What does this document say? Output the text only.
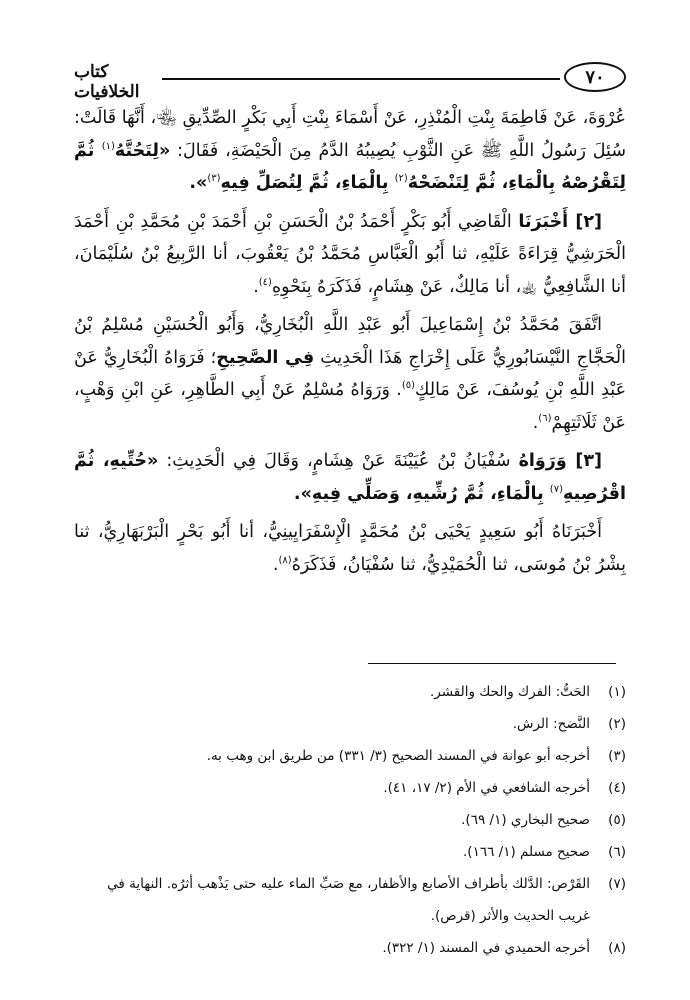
٧٠
كتاب الخلافيات

عُرْوَةَ، عَنْ فَاطِمَةَ بِنْتِ الْمُنْذِرِ، عَنْ أَسْمَاءَ بِنْتِ أَبِي بَكْرٍ الصِّدِّيقِ ﵄، أَنَّهَا قَالَتْ: سُئِلَ رَسُولُ اللَّهِ ﷺ عَنِ الثَّوْبِ يُصِيبُهُ الدَّمُ مِنَ الْحَيْضَةِ، فَقَالَ: «لِتَحُتَّهُ$^{(١)}$ ثُمَّ لِتَقْرُصْهُ بِالْمَاءِ، ثُمَّ لِتَنْضَحْهُ$^{(٢)}$ بِالْمَاءِ، ثُمَّ لِتُصَلِّ فِيهِ$^{(٣)}$».

[٢] أَخْبَرَنَا الْقَاضِي أَبُو بَكْرٍ أَحْمَدُ بْنُ الْحَسَنِ بْنِ أَحْمَدَ بْنِ مُحَمَّدِ بْنِ أَحْمَدَ الْحَرَشِيُّ قِرَاءَةً عَلَيْهِ، ثنا أَبُو الْعَبَّاسِ مُحَمَّدُ بْنُ يَعْقُوبَ، أنا الرَّبِيعُ بْنُ سُلَيْمَانَ، أنا الشَّافِعِيُّ ﵀، أنا مَالِكٌ، عَنْ هِشَامٍ، فَذَكَرَهُ بِنَحْوِهِ$^{(٤)}$.

اتَّفَقَ مُحَمَّدُ بْنُ إِسْمَاعِيلَ أَبُو عَبْدِ اللَّهِ الْبُخَارِيُّ، وَأَبُو الْحُسَيْنِ مُسْلِمُ بْنُ الْحَجَّاجِ النَّيْسَابُورِيُّ عَلَى إِخْرَاجِ هَذَا الْحَدِيثِ فِي الصَّحِيحِ؛ فَرَوَاهُ الْبُخَارِيُّ عَنْ عَبْدِ اللَّهِ بْنِ يُوسُفَ، عَنْ مَالِكٍ$^{(٥)}$. وَرَوَاهُ مُسْلِمٌ عَنْ أَبِي الطَّاهِرِ، عَنِ ابْنِ وَهْبٍ، عَنْ ثَلَاثَتِهِمْ$^{(٦)}$.

[٣] وَرَوَاهُ سُفْيَانُ بْنُ عُيَيْنَةَ عَنْ هِشَامٍ، وَقَالَ فِي الْحَدِيثِ: «حُتِّيهِ، ثُمَّ اقْرُصِيهِ$^{(٧)}$ بِالْمَاءِ، ثُمَّ رُشِّيهِ، وَصَلِّي فِيهِ».

أَخْبَرَنَاهُ أَبُو سَعِيدٍ يَحْيَى بْنُ مُحَمَّدٍ الْإِسْفَرَايِينِيُّ، أنا أَبُو بَحْرٍ الْبَرْبَهَارِيُّ، ثنا بِشْرُ بْنُ مُوسَى، ثنا الْحُمَيْدِيُّ، ثنا سُفْيَانُ، فَذَكَرَهُ$^{(٨)}$.

(١)
الحَتُّ: الفرك والحك والقشر.
(٢)
النَّضح: الرش.
(٣)
أخرجه أبو عوانة في المسند الصحيح (٣/ ٣٣١) من طريق ابن وهب به.
(٤)
أخرجه الشافعي في الأم (٢/ ١٧، ٤١).
(٥)
صحيح البخاري (١/ ٦٩).
(٦)
صحيح مسلم (١/ ١٦٦).
(٧)
القَرْص: الدَّلك بأطراف الأصابع والأظفار، مع صَبِّ الماء عليه حتى يَذْهب أثرُه. النهاية في غريب الحديث والأثر (قرص).
(٨)
أخرجه الحميدي في المسند (١/ ٣٢٢).
